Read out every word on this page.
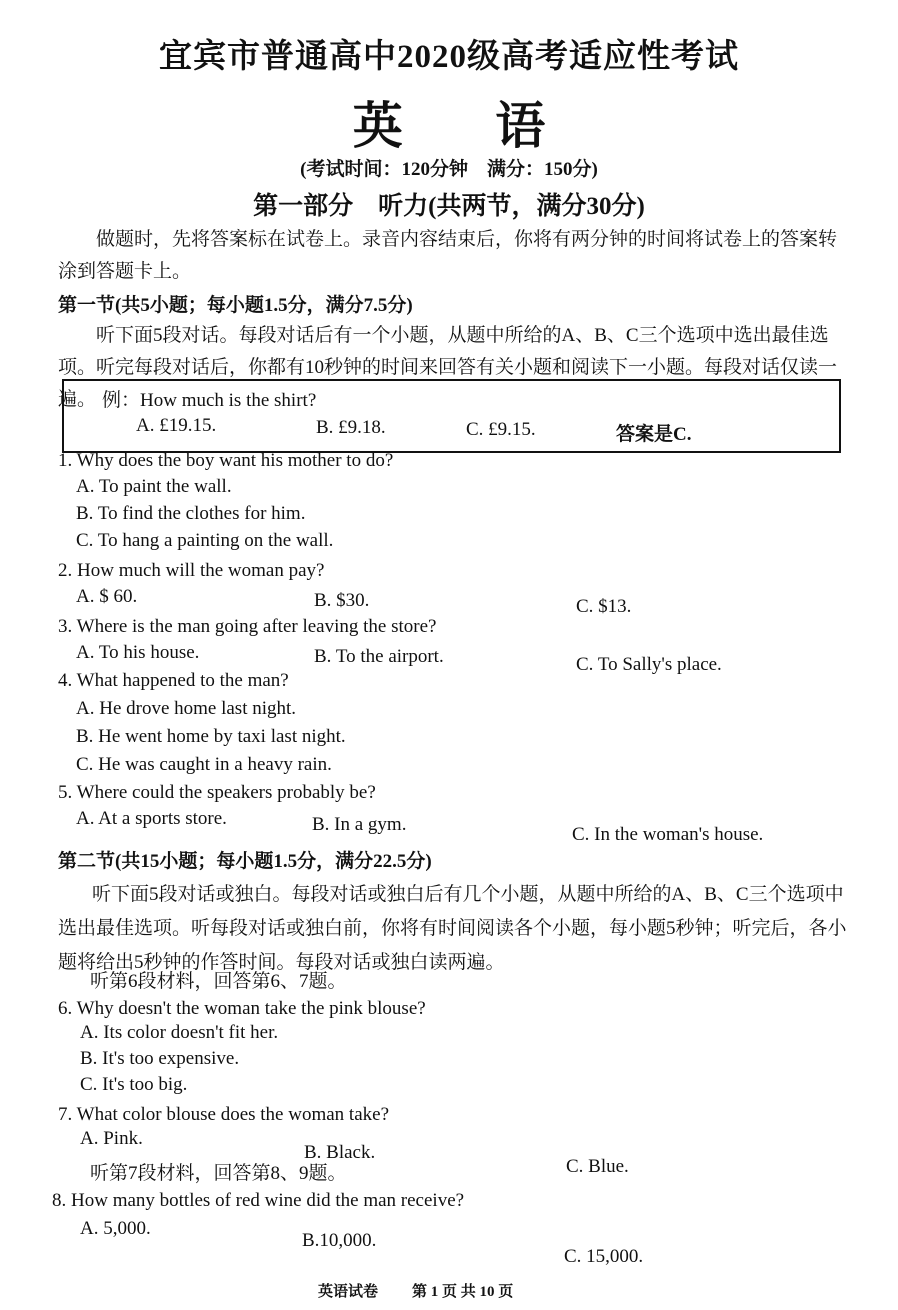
宜宾市普通高中2020级高考适应性考试
英 语
(考试时间：120分钟　满分：150分)
第一部分　听力(共两节，满分30分)
做题时，先将答案标在试卷上。录音内容结束后，你将有两分钟的时间将试卷上的答案转涂到答题卡上。
第一节(共5小题；每小题1.5分，满分7.5分)
听下面5段对话。每段对话后有一个小题，从题中所给的A、B、C三个选项中选出最佳选项。听完每段对话后，你都有10秒钟的时间来回答有关小题和阅读下一小题。每段对话仅读一遍。 例：How much is the shirt?
A. £19.15.	B. £9.18.	C. £9.15.	答案是C.
1. Why does the boy want his mother to do?
A. To paint the wall.
B. To find the clothes for him.
C. To hang a painting on the wall.
2. How much will the woman pay?
A. $ 60.	B. $30.	C. $13.
3. Where is the man going after leaving the store?
A. To his house.	B. To the airport.	C. To Sally's place.
4. What happened to the man?
A. He drove home last night.
B. He went home by taxi last night.
C. He was caught in a heavy rain.
5. Where could the speakers probably be?
A. At a sports store.	B. In a gym.	C. In the woman's house.
第二节(共15小题；每小题1.5分，满分22.5分)
听下面5段对话或独白。每段对话或独白后有几个小题，从题中所给的A、B、C三个选项中选出最佳选项。听每段对话或独白前，你将有时间阅读各个小题，每小题5秒钟；听完后，各小题将给出5秒钟的作答时间。每段对话或独白读两遍。
听第6段材料，回答第6、7题。
6. Why doesn't the woman take the pink blouse?
A. Its color doesn't fit her.
B. It's too expensive.
C. It's too big.
7. What color blouse does the woman take?
A. Pink.
B. Black.
C. Blue.
听第7段材料，回答第8、9题。
8. How many bottles of red wine did the man receive?
A. 5,000.
B.10,000.
C. 15,000.
英语试卷 第 1 页 共 10 页
